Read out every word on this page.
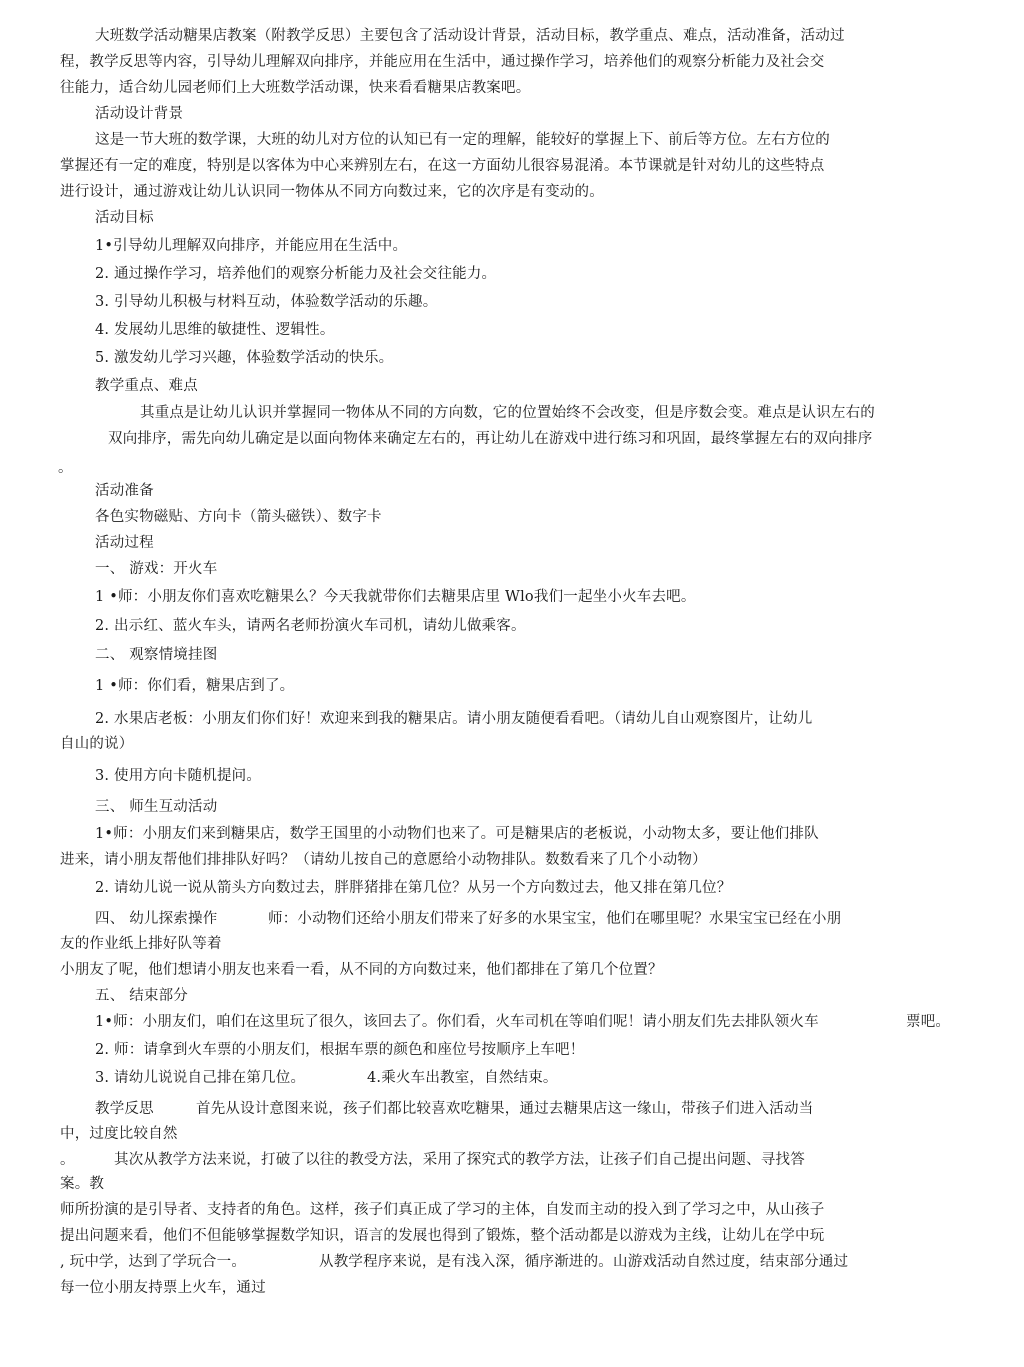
大班数学活动糖果店教案（附教学反思）主要包含了活动设计背景，活动目标，教学重点、难点，活动准备，活动过
程，教学反思等内容，引导幼儿理解双向排序，并能应用在生活中，通过操作学习，培养他们的观察分析能力及社会交
往能力，适合幼儿园老师们上大班数学活动课，快来看看糖果店教案吧。
活动设计背景
这是一节大班的数学课，大班的幼儿对方位的认知已有一定的理解，能较好的掌握上下、前后等方位。左右方位的
掌握还有一定的难度，特别是以客体为中心来辨别左右，在这一方面幼儿很容易混淆。本节课就是针对幼儿的这些特点
进行设计，通过游戏让幼儿认识同一物体从不同方向数过来，它的次序是有变动的。
活动目标
1•引导幼儿理解双向排序，并能应用在生活中。
2. 通过操作学习，培养他们的观察分析能力及社会交往能力。
3. 引导幼儿积极与材料互动，体验数学活动的乐趣。
4. 发展幼儿思维的敏捷性、逻辑性。
5. 激发幼儿学习兴趣，体验数学活动的快乐。
教学重点、难点
其重点是让幼儿认识并掌握同一物体从不同的方向数，它的位置始终不会改变，但是序数会变。难点是认识左右的
双向排序，需先向幼儿确定是以面向物体来确定左右的，再让幼儿在游戏中进行练习和巩固，最终掌握左右的双向排序
。
活动准备
各色实物磁贴、方向卡（箭头磁铁）、数字卡
活动过程
一、 游戏：开火车
1 •师：小朋友你们喜欢吃糖果么？今天我就带你们去糖果店里 Wlo我们一起坐小火车去吧。
2. 出示红、蓝火车头，请两名老师扮演火车司机，请幼儿做乘客。
二、 观察情境挂图
1 •师：你们看，糖果店到了。
2. 水果店老板：小朋友们你们好！欢迎来到我的糖果店。请小朋友随便看看吧。（请幼儿自山观察图片，让幼儿
自山的说）
3. 使用方向卡随机提问。
三、 师生互动活动
1•师：小朋友们来到糖果店，数学王国里的小动物们也来了。可是糖果店的老板说，小动物太多，要让他们排队
进来，请小朋友帮他们排排队好吗？（请幼儿按自己的意愿给小动物排队。数数看来了几个小动物）
2. 请幼儿说一说从箭头方向数过去，胖胖猪排在第几位？从另一个方向数过去，他又排在第几位？
四、 幼儿探索操作	师：小动物们还给小朋友们带来了好多的水果宝宝，他们在哪里呢？水果宝宝已经在小朋
友的作业纸上排好队等着
小朋友了呢，他们想请小朋友也来看一看，从不同的方向数过来，他们都排在了第几个位置？
五、 结束部分
1•师：小朋友们，咱们在这里玩了很久，该回去了。你们看，火车司机在等咱们呢！请小朋友们先去排队领火车	票吧。
2. 师：请拿到火车票的小朋友们，根据车票的颜色和座位号按顺序上车吧！
3. 请幼儿说说自己排在第几位。	4.乘火车出教室，自然结束。
教学反思	首先从设计意图来说，孩子们都比较喜欢吃糖果，通过去糖果店这一缘山，带孩子们进入活动当
中，过度比较自然
。	其次从教学方法来说，打破了以往的教受方法，采用了探究式的教学方法，让孩子们自己提出问题、寻找答
案。教
师所扮演的是引导者、支持者的角色。这样，孩子们真正成了学习的主体，自发而主动的投入到了学习之中，从山孩子
提出问题来看，他们不但能够掌握数学知识，语言的发展也得到了锻炼，整个活动都是以游戏为主线，让幼儿在学中玩
, 玩中学，达到了学玩合一。	从教学程序来说，是有浅入深，循序渐进的。山游戏活动自然过度，结束部分通过
每一位小朋友持票上火车，通过
